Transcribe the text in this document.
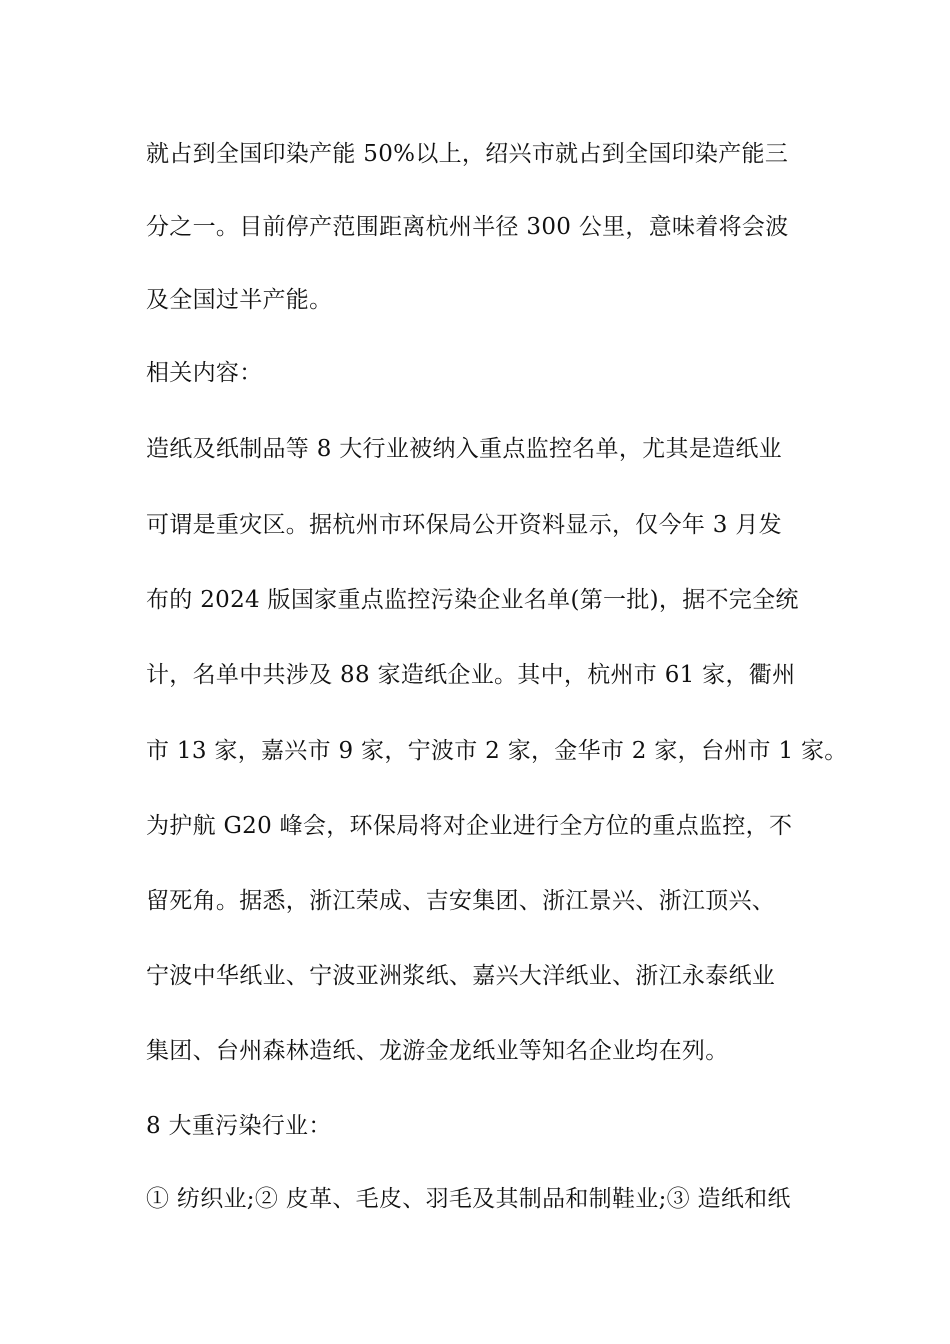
就占到全国印染产能 50%以上，绍兴市就占到全国印染产能三
分之一。目前停产范围距离杭州半径 300 公里，意味着将会波
及全国过半产能。
相关内容：
造纸及纸制品等 8 大行业被纳入重点监控名单，尤其是造纸业
可谓是重灾区。据杭州市环保局公开资料显示，仅今年 3 月发
布的 2024 版国家重点监控污染企业名单(第一批)，据不完全统
计，名单中共涉及 88 家造纸企业。其中，杭州市 61 家，衢州
市 13 家，嘉兴市 9 家，宁波市 2 家，金华市 2 家，台州市 1 家。
为护航 G20 峰会，环保局将对企业进行全方位的重点监控，不
留死角。据悉，浙江荣成、吉安集团、浙江景兴、浙江顶兴、
宁波中华纸业、宁波亚洲浆纸、嘉兴大洋纸业、浙江永泰纸业
集团、台州森林造纸、龙游金龙纸业等知名企业均在列。
8 大重污染行业：
① 纺织业;② 皮革、毛皮、羽毛及其制品和制鞋业;③ 造纸和纸
